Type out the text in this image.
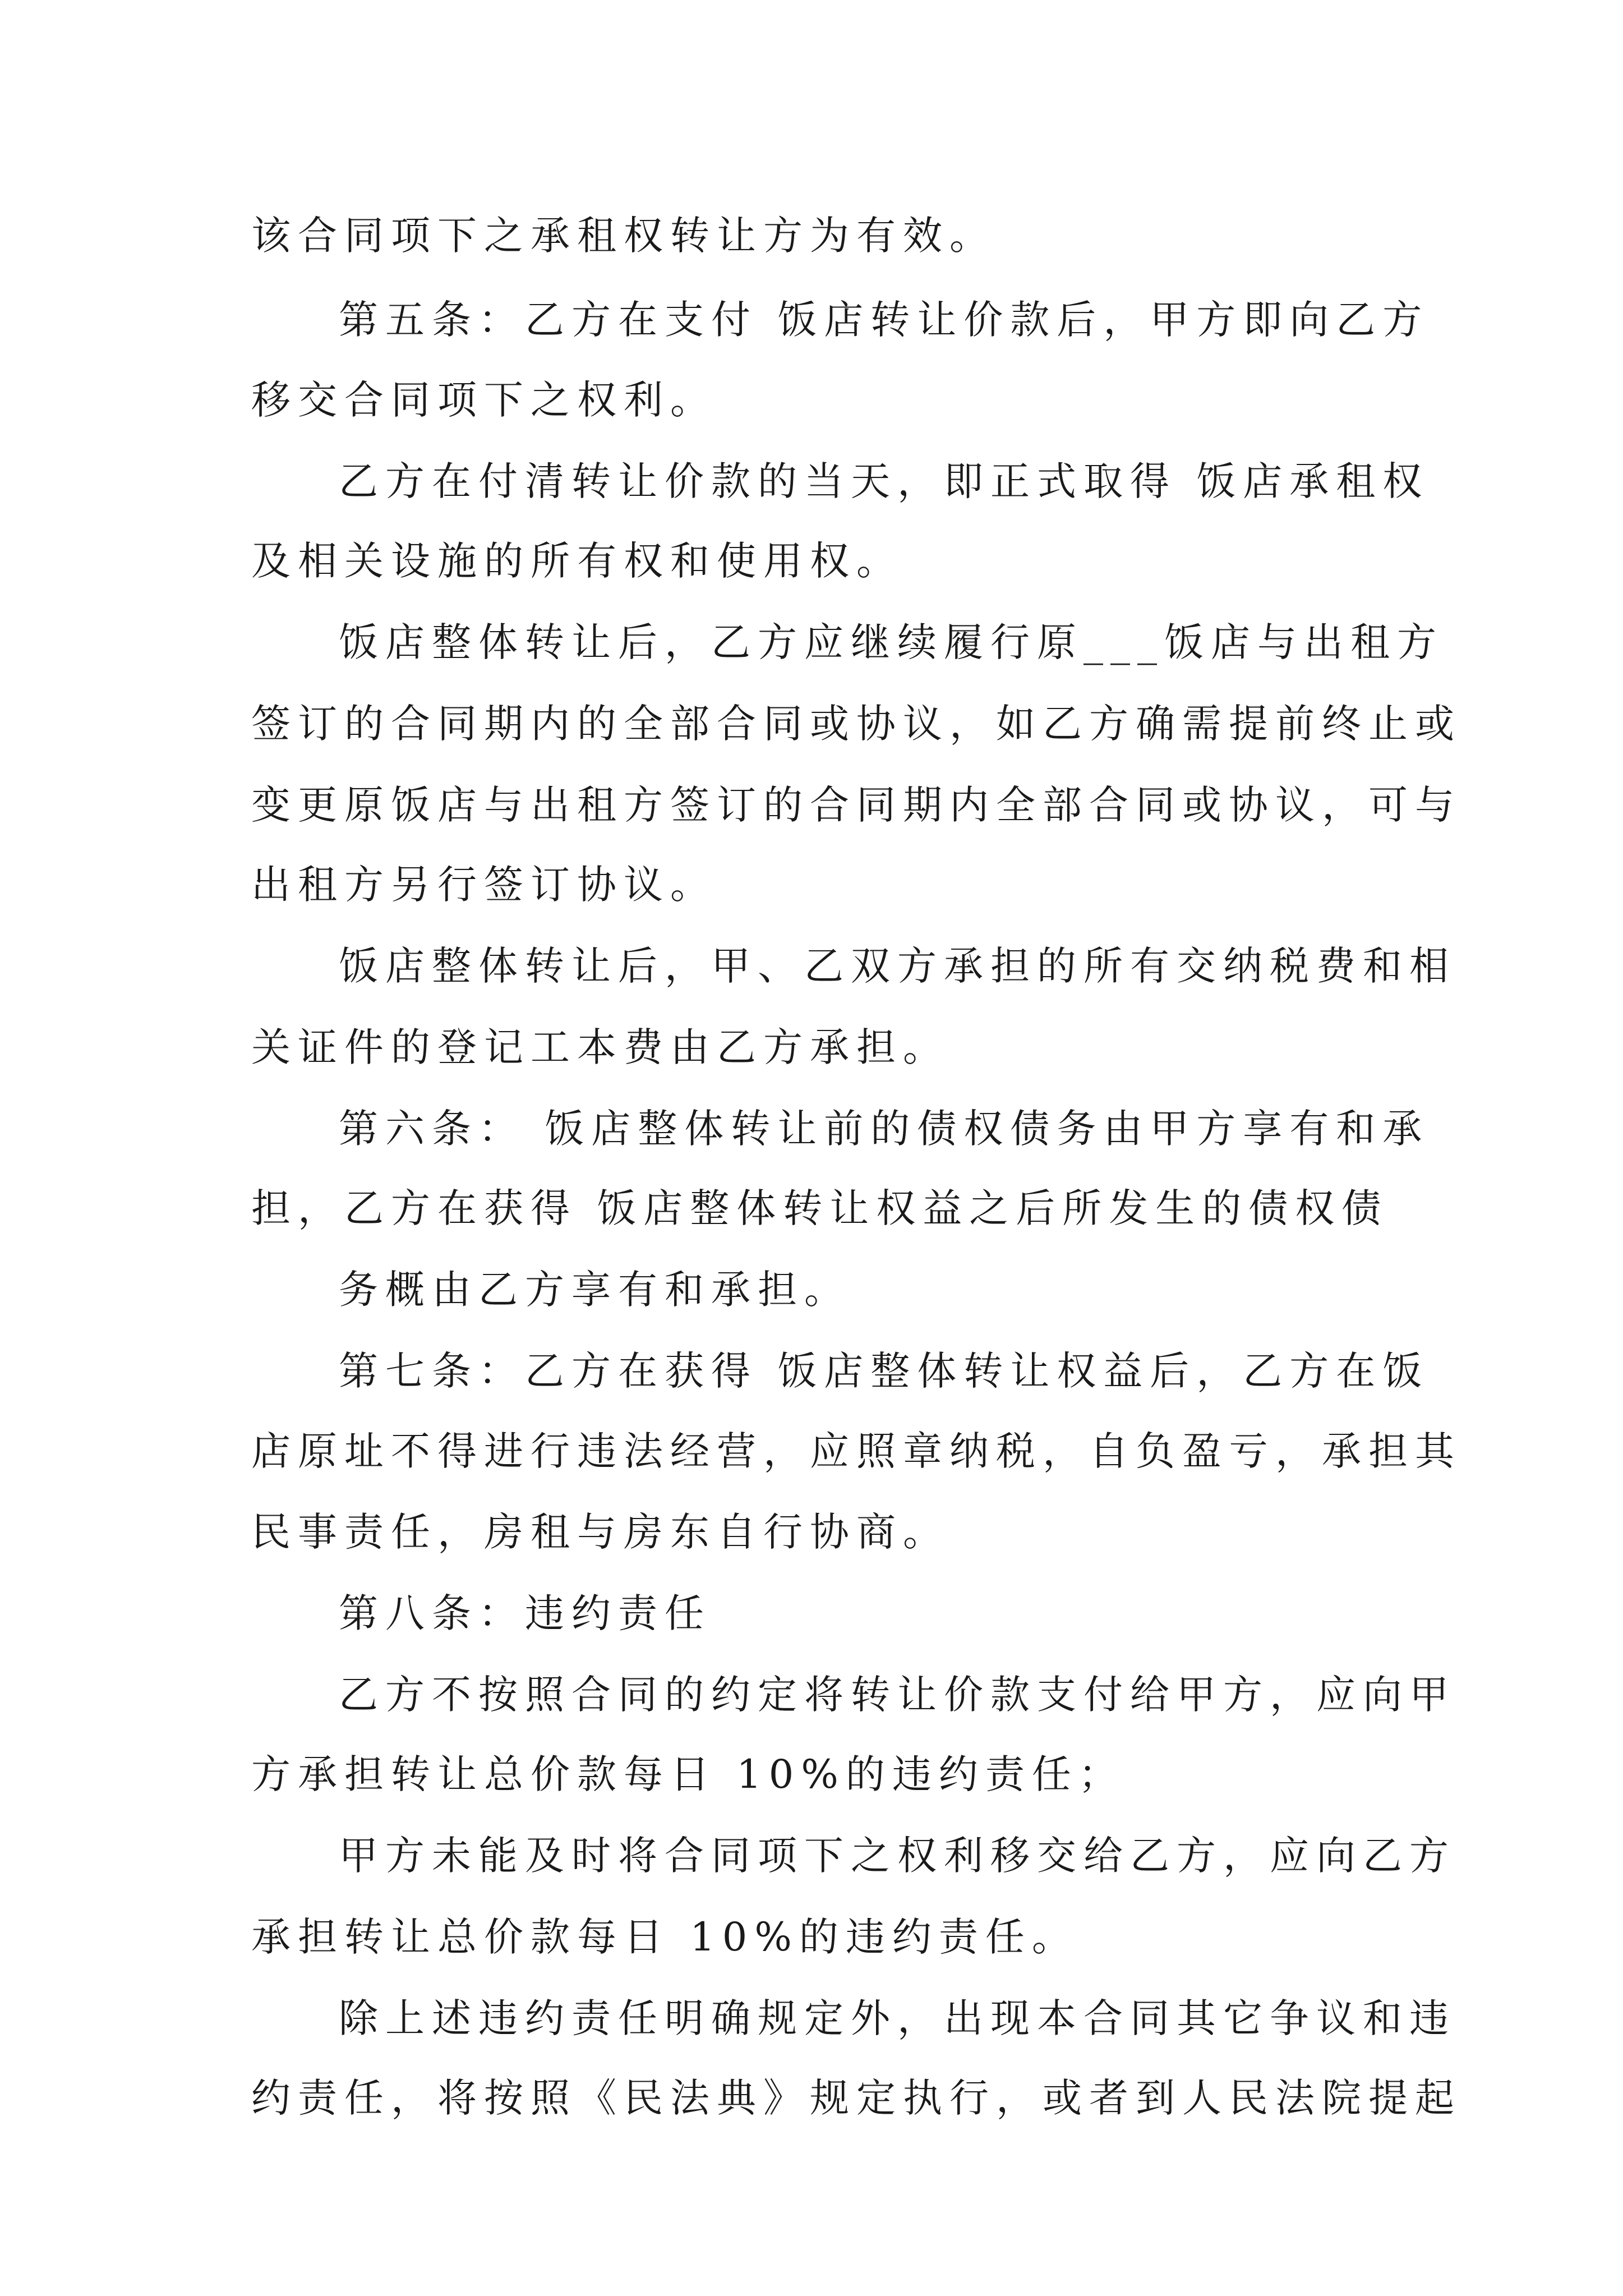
该合同项下之承租权转让方为有效。
第五条：乙方在支付 饭店转让价款后，甲方即向乙方
移交合同项下之权利。
乙方在付清转让价款的当天，即正式取得 饭店承租权
及相关设施的所有权和使用权。
饭店整体转让后，乙方应继续履行原___饭店与出租方
签订的合同期内的全部合同或协议，如乙方确需提前终止或
变更原饭店与出租方签订的合同期内全部合同或协议，可与
出租方另行签订协议。
饭店整体转让后，甲、乙双方承担的所有交纳税费和相
关证件的登记工本费由乙方承担。
第六条： 饭店整体转让前的债权债务由甲方享有和承
担，乙方在获得 饭店整体转让权益之后所发生的债权债
务概由乙方享有和承担。
第七条：乙方在获得 饭店整体转让权益后，乙方在饭
店原址不得进行违法经营，应照章纳税，自负盈亏，承担其
民事责任，房租与房东自行协商。
第八条：违约责任
乙方不按照合同的约定将转让价款支付给甲方，应向甲
方承担转让总价款每日 10%的违约责任；
甲方未能及时将合同项下之权利移交给乙方，应向乙方
承担转让总价款每日 10%的违约责任。
除上述违约责任明确规定外，出现本合同其它争议和违
约责任，将按照《民法典》规定执行，或者到人民法院提起
